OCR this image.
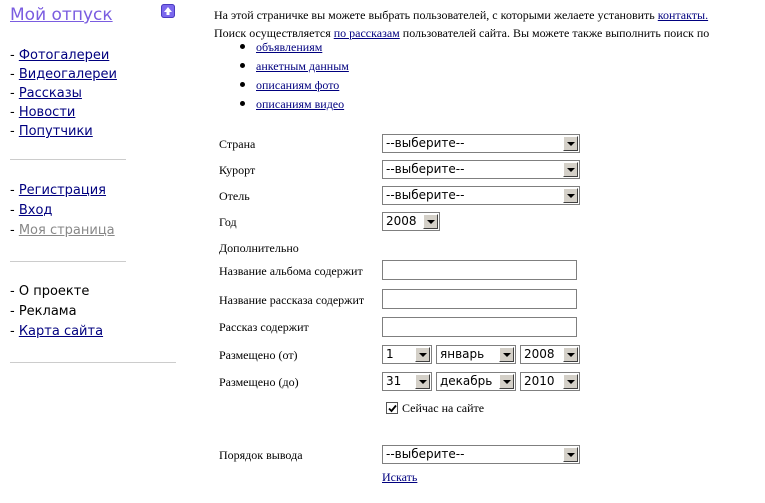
Мой отпуск
- Фотогалереи
- Видеогалереи
- Рассказы
- Новости
- Попутчики
- Регистрация
- Вход
- Моя страница
- О проекте
- Реклама
- Карта сайта
На этой страничке вы можете выбрать пользователей, с которыми желаете установить контакты.
Поиск осуществляется по рассказам пользователей сайта. Вы можете также выполнить поиск по
объявлениям
анкетным данным
описаниям фото
описаниям видео
Страна	--выберите--
Курорт	--выберите--
Отель	--выберите--
Год	2008
Дополнительно
Название альбома содержит
Название рассказа содержит
Рассказ содержит
Размещено (от)	1	январь	2008
Размещено (до)	31	декабрь	2010
Сейчас на сайте
Порядок вывода	--выберите--
Искать
